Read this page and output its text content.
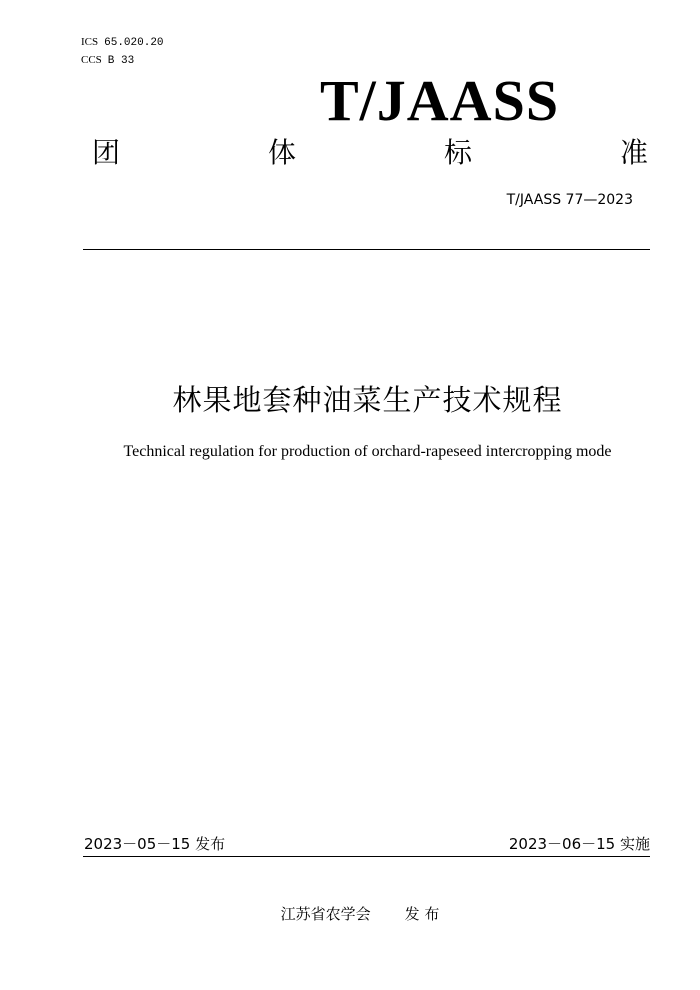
ICS 65.020.20
CCS B 33
T/JAASS
团	体	标	准
T/JAASS 77—2023
林果地套种油菜生产技术规程
Technical regulation for production of orchard-rapeseed intercropping mode
2023－05－15 发布	2023－06－15 实施
江苏省农学会 发 布
